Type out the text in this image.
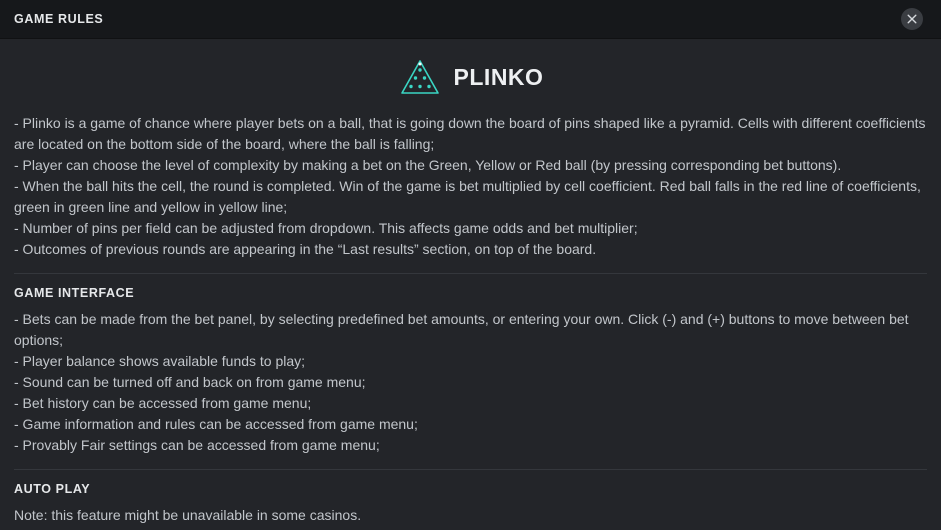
GAME RULES
PLINKO

- Plinko is a game of chance where player bets on a ball, that is going down the board of pins shaped like a pyramid. Cells with different coefficients are located on the bottom side of the board, where the ball is falling;

- Player can choose the level of complexity by making a bet on the Green, Yellow or Red ball (by pressing corresponding bet buttons).

- When the ball hits the cell, the round is completed. Win of the game is bet multiplied by cell coefficient. Red ball falls in the red line of coefficients, green in green line and yellow in yellow line;

- Number of pins per field can be adjusted from dropdown. This affects game odds and bet multiplier;

- Outcomes of previous rounds are appearing in the “Last results” section, on top of the board.

GAME INTERFACE

- Bets can be made from the bet panel, by selecting predefined bet amounts, or entering your own. Click (-) and (+) buttons to move between bet options;

- Player balance shows available funds to play;

- Sound can be turned off and back on from game menu;

- Bet history can be accessed from game menu;

- Game information and rules can be accessed from game menu;

- Provably Fair settings can be accessed from game menu;

AUTO PLAY

Note: this feature might be unavailable in some casinos.
